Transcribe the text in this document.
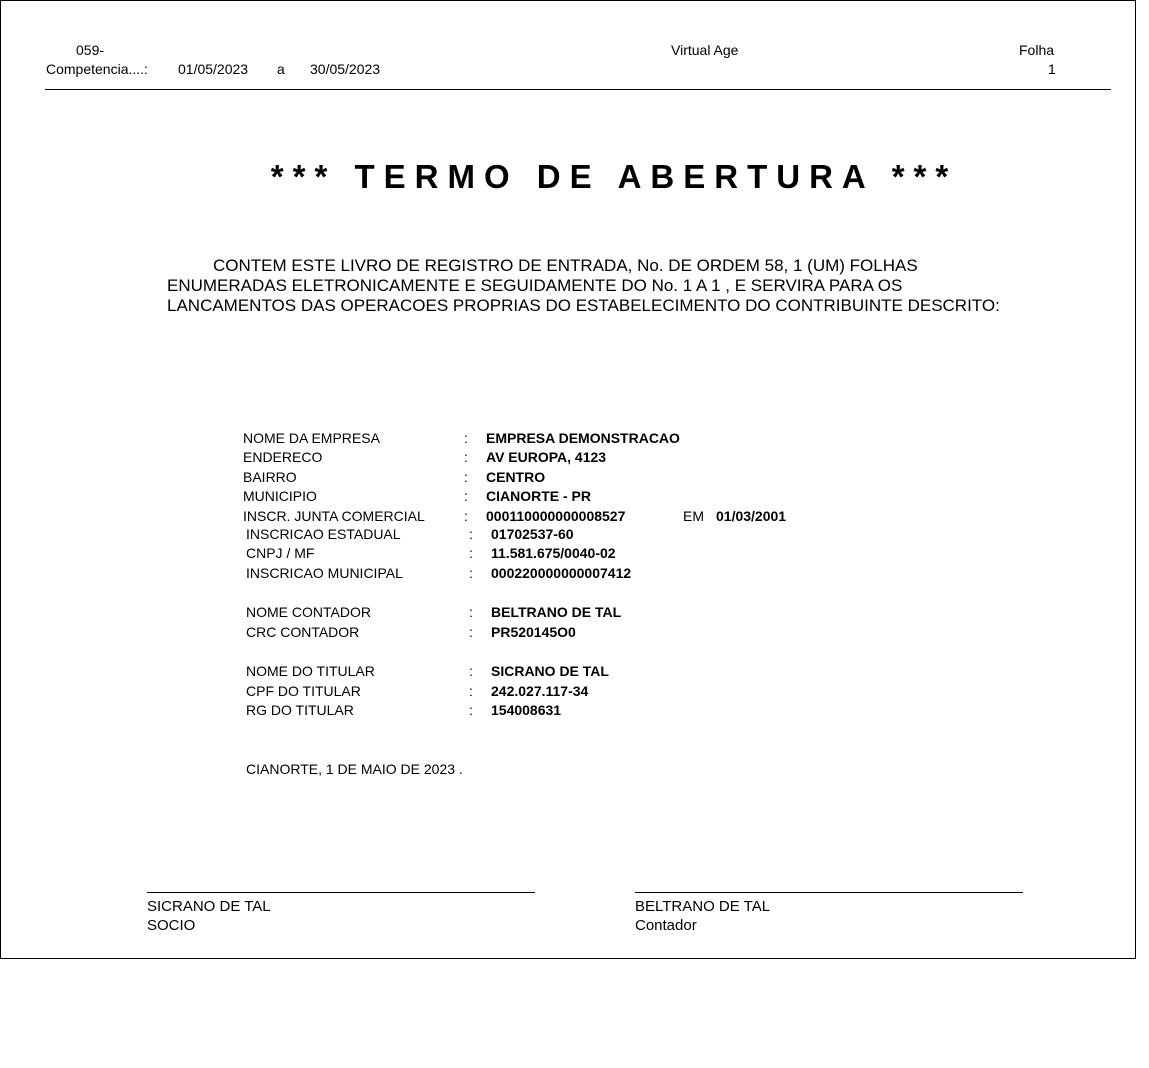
059-
Competencia....: 01/05/2023 a 30/05/2023
Virtual Age	Folha
1
*** TERMO DE ABERTURA ***
CONTEM ESTE LIVRO DE REGISTRO DE ENTRADA, No. DE ORDEM 58, 1 (UM) FOLHAS
ENUMERADAS ELETRONICAMENTE E SEGUIDAMENTE DO No. 1 A 1 , E SERVIRA PARA OS
LANCAMENTOS DAS OPERACOES PROPRIAS DO ESTABELECIMENTO DO CONTRIBUINTE DESCRITO:
NOME DA EMPRESA	: EMPRESA DEMONSTRACAO
ENDERECO	: AV EUROPA, 4123
BAIRRO	: CENTRO
MUNICIPIO	: CIANORTE - PR
INSCR. JUNTA COMERCIAL	: 000110000000008527	EM 01/03/2001
INSCRICAO ESTADUAL	: 01702537-60
CNPJ / MF	: 11.581.675/0040-02
INSCRICAO MUNICIPAL	: 000220000000007412
NOME CONTADOR	: BELTRANO DE TAL
CRC CONTADOR	: PR520145O0
NOME DO TITULAR	: SICRANO DE TAL
CPF DO TITULAR	: 242.027.117-34
RG DO TITULAR	: 154008631
CIANORTE, 1 DE MAIO DE 2023 .
SICRANO DE TAL
SOCIO
BELTRANO DE TAL
Contador
